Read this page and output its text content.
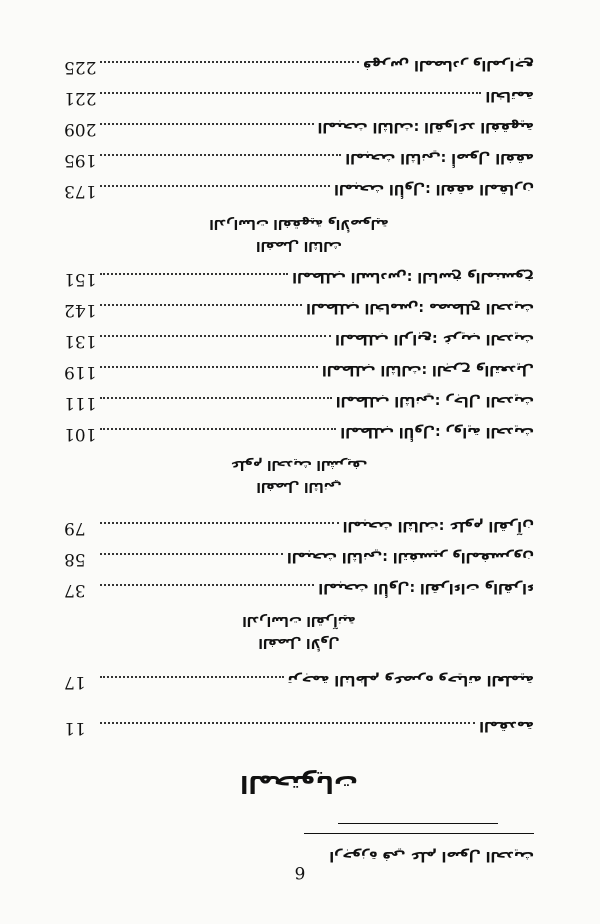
6
ارجوزة في علم اصول الحديث
المحتويات
المقدمة
11
ترجمة الناظم وعصره وحياته العلمية
17
الفصل الأول
الدراسات القرآنية
المبحث الأول: القراءات والقراء
37
المبحث الثاني: التفسير والمفسرون
58
المبحث الثالث: علوم القرآن
79
الفصل الثاني
علوم الحديث الشريف
المطلب الأول: رواية الحديث
101
المطلب الثاني: رجال الحديث
111
المطلب الثالث: الجرح والتعديل
119
المطلب الرابع: غريب الحديث
131
المطلب الخامس: مصطلح الحديث
142
المطلب السادس: الناسخ والمنسوخ
151
الفصل الثالث
الدراسات الفقهية والأصولية
المبحث الأول: الفقه المقارن
173
المبحث الثاني: أصول الفقه
195
المبحث الثالث: القواعد الفقهية
209
الخاتمة
221
فهرس المصادر والمراجع
225
